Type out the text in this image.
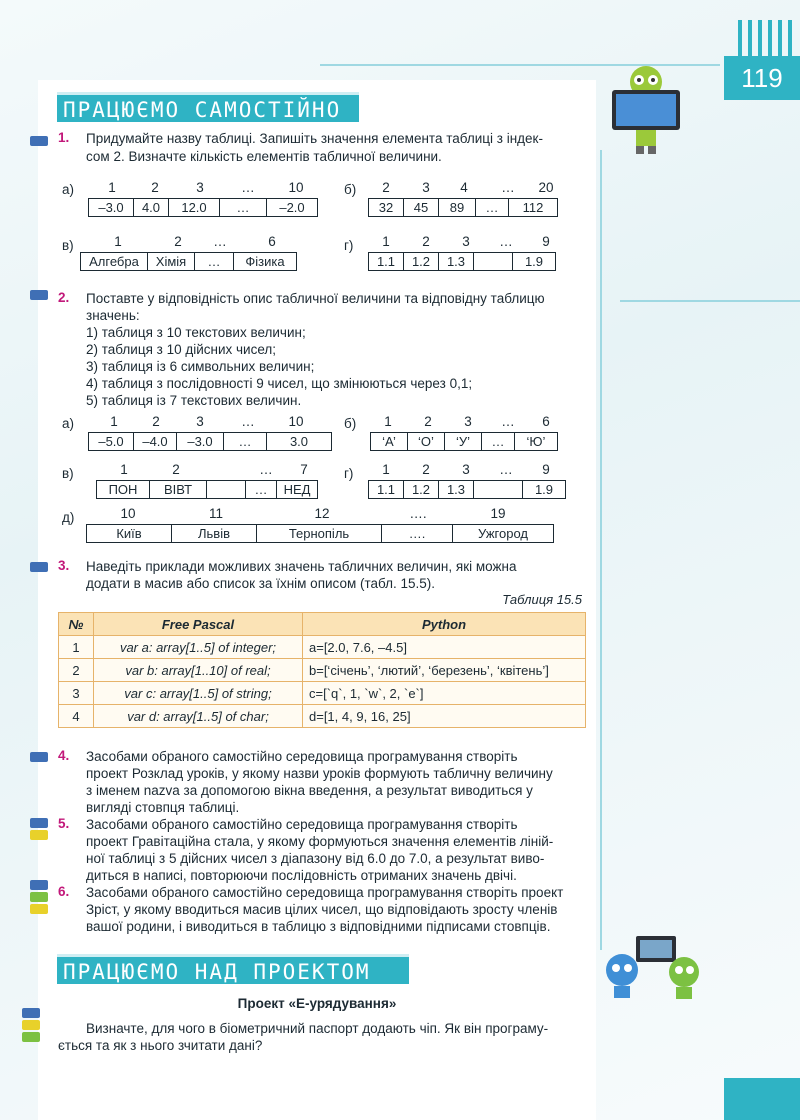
119
ПРАЦЮЄМО САМОСТІЙНО
1. Придумайте назву таблиці. Запишіть значення елемента таблиці з індек-
сом 2. Визначте кількість елементів табличної величини.
а)	1	2	3	…	10
–3.0	4.0	12.0	…	–2.0
б)	2	3	4	…	20
32	45	89	…	112
в)	1	2	…	6
Алгебра	Хімія	…	Фізика
г)	1	2	3	…	9
1.1	1.2	1.3		1.9
2. Поставте у відповідність опис табличної величини та відповідну таблицю
значень:
1) таблиця з 10 текстових величин;
2) таблиця з 10 дійсних чисел;
3) таблиця із 6 символьних величин;
4) таблиця з послідовності 9 чисел, що змінюються через 0,1;
5) таблиця із 7 текстових величин.
а)	1	2	3	…	10
–5.0	–4.0	–3.0	…	3.0
б)	1	2	3	…	6
‘А’	‘О’	‘У’	…	‘Ю’
в)	1	2	…	7
ПОН	ВІВТ		…	НЕД
г)	1	2	3	…	9
1.1	1.2	1.3		1.9
д)	10	11	12	….	19
Київ	Львів	Тернопіль	….	Ужгород
3. Наведіть приклади можливих значень табличних величин, які можна
додати в масив або список за їхнім описом (табл. 15.5).
Таблиця 15.5
№	Free Pascal	Python
1	var a: array[1..5] of integer;	a=[2.0, 7.6, –4.5]
2	var b: array[1..10] of real;	b=[‘січень’, ‘лютий’, ‘березень’, ‘квітень’]
3	var c: array[1..5] of string;	c=[`q`, 1, `w`, 2, `e`]
4	var d: array[1..5] of char;	d=[1, 4, 9, 16, 25]
4. Засобами обраного самостійно середовища програмування створіть
проект Розклад уроків, у якому назви уроків формують табличну величину
з іменем nazva за допомогою вікна введення, а результат виводиться у
вигляді стовпця таблиці.
5. Засобами обраного самостійно середовища програмування створіть
проект Гравітаційна стала, у якому формуються значення елементів ліній-
ної таблиці з 5 дійсних чисел з діапазону від 6.0 до 7.0, а результат виво-
диться в написі, повторюючи послідовність отриманих значень двічі.
6. Засобами обраного самостійно середовища програмування створіть проект
Зріст, у якому вводиться масив цілих чисел, що відповідають зросту членів
вашої родини, і виводиться в таблицю з відповідними підписами стовпців.
ПРАЦЮЄМО НАД ПРОЕКТОМ
Проект «Е-урядування»
Визначте, для чого в біометричний паспорт додають чіп. Як він програму-
ється та як з нього зчитати дані?
